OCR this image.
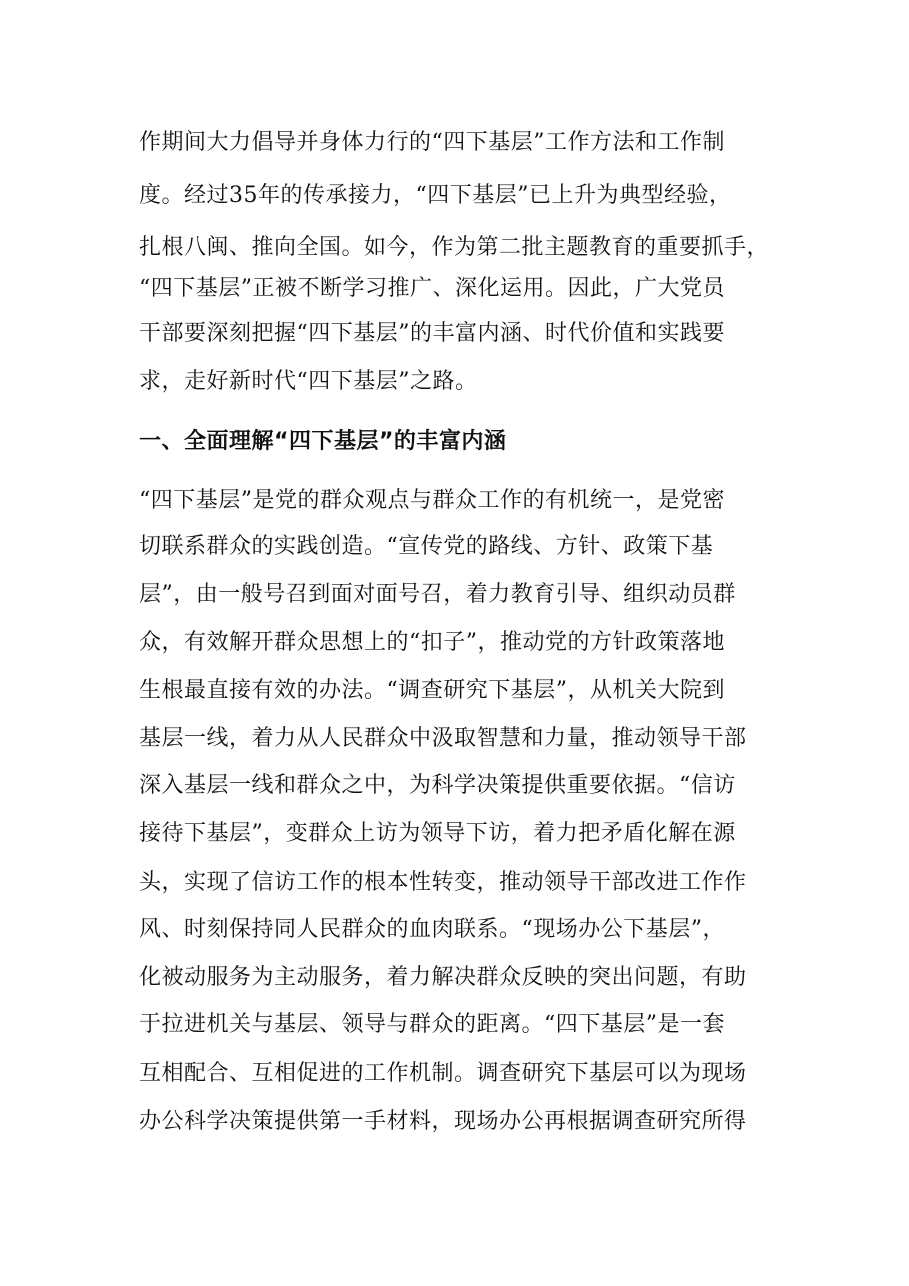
作期间大力倡导并身体力行的“四下基层”工作方法和工作制
度。经过35年的传承接力，“四下基层”已上升为典型经验，
扎根八闽、推向全国。如今，作为第二批主题教育的重要抓手，
“四下基层”正被不断学习推广、深化运用。因此，广大党员
干部要深刻把握“四下基层”的丰富内涵、时代价值和实践要
求，走好新时代“四下基层”之路。
一、全面理解“四下基层”的丰富内涵
“四下基层”是党的群众观点与群众工作的有机统一，是党密
切联系群众的实践创造。“宣传党的路线、方针、政策下基
层”，由一般号召到面对面号召，着力教育引导、组织动员群
众，有效解开群众思想上的“扣子”，推动党的方针政策落地
生根最直接有效的办法。“调查研究下基层”，从机关大院到
基层一线，着力从人民群众中汲取智慧和力量，推动领导干部
深入基层一线和群众之中，为科学决策提供重要依据。“信访
接待下基层”，变群众上访为领导下访，着力把矛盾化解在源
头，实现了信访工作的根本性转变，推动领导干部改进工作作
风、时刻保持同人民群众的血肉联系。“现场办公下基层”，
化被动服务为主动服务，着力解决群众反映的突出问题，有助
于拉进机关与基层、领导与群众的距离。“四下基层”是一套
互相配合、互相促进的工作机制。调查研究下基层可以为现场
办公科学决策提供第一手材料，现场办公再根据调查研究所得
